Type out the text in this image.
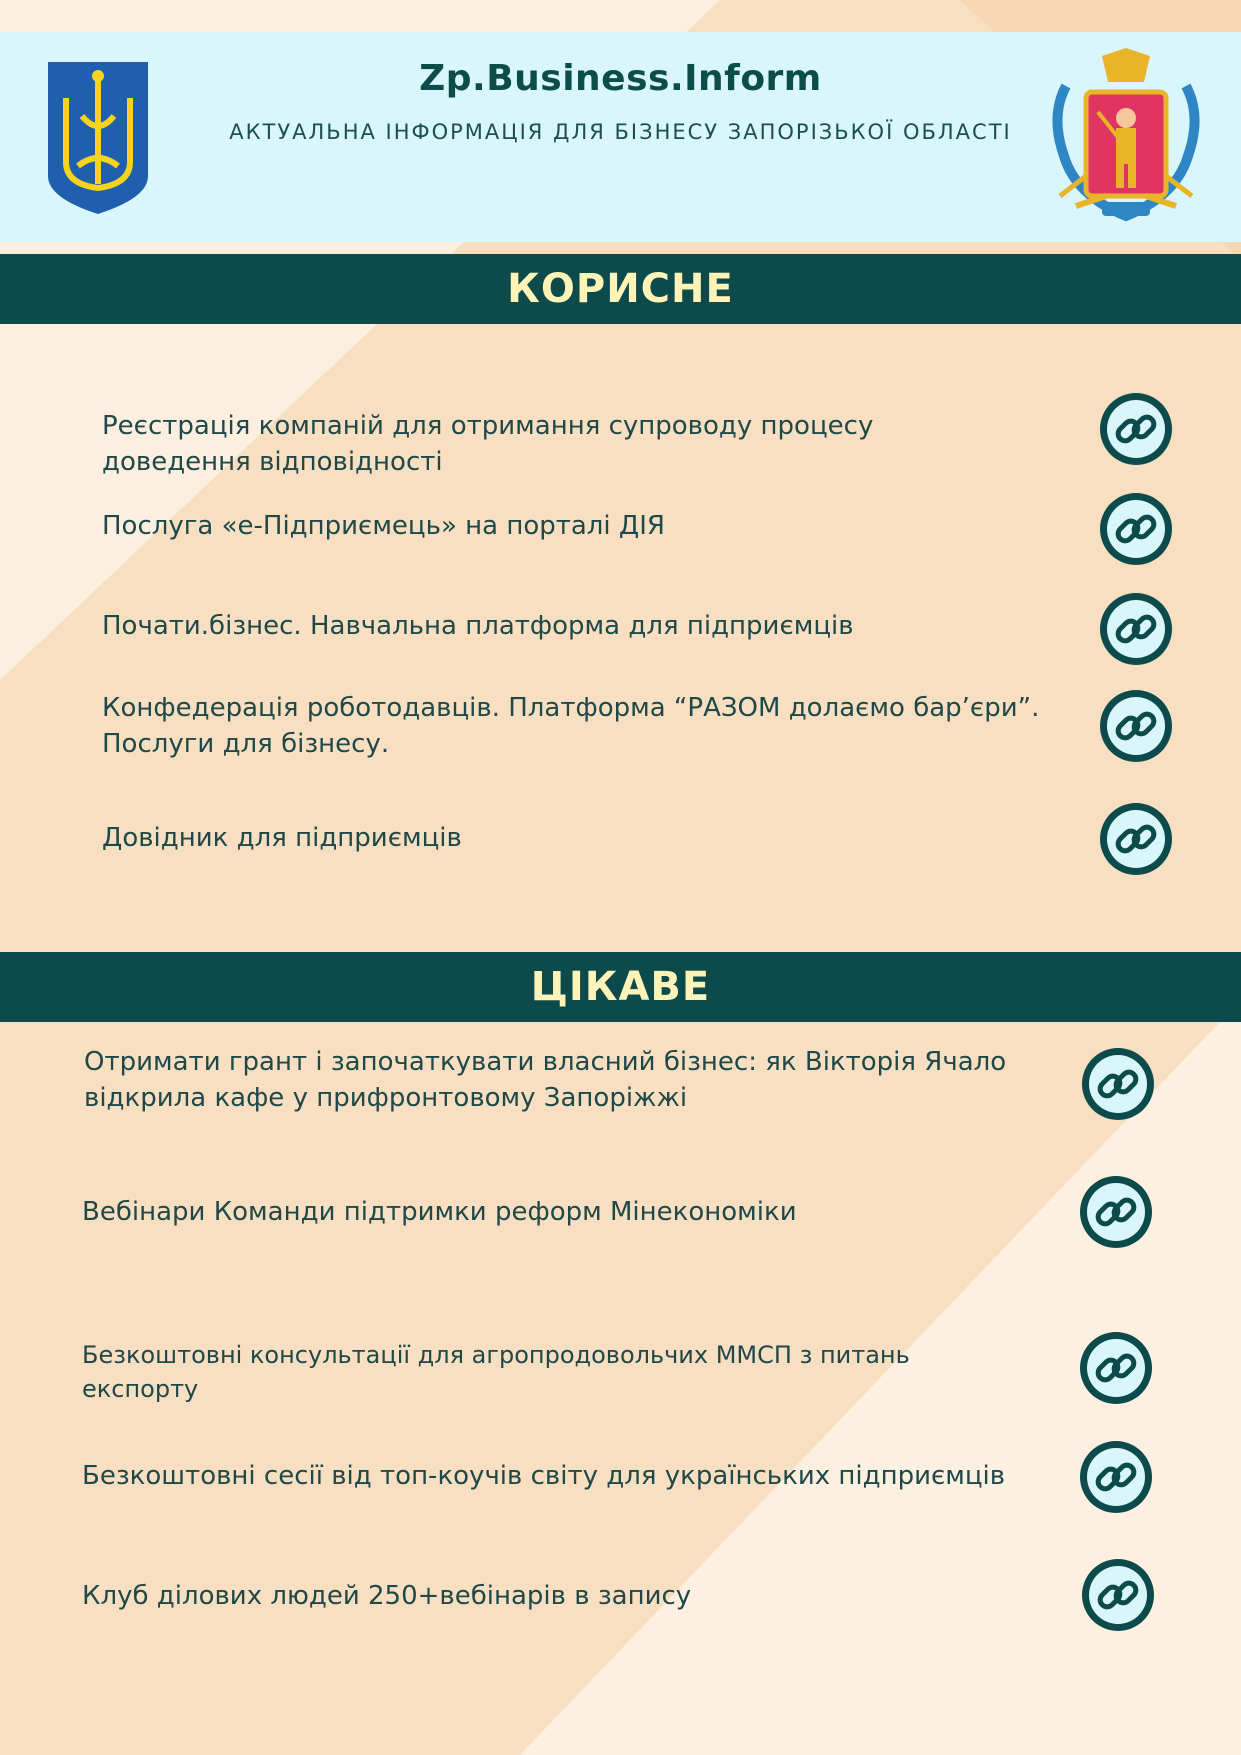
Zp.Business.Inform
АКТУАЛЬНА ІНФОРМАЦІЯ ДЛЯ БІЗНЕСУ ЗАПОРІЗЬКОЇ ОБЛАСТІ
КОРИСНЕ
Реєстрація компаній для отримання супроводу процесу доведення відповідності
Послуга «е-Підприємець» на порталі ДІЯ
Почати.бізнес. Навчальна платформа для підприємців
Конфедерація роботодавців. Платформа “РАЗОМ долаємо бар’єри”. Послуги для бізнесу.
Довідник для підприємців
ЦІКАВЕ
Отримати грант і започаткувати власний бізнес: як Вікторія Ячало відкрила кафе у прифронтовому Запоріжжі
Вебінари Команди підтримки реформ Мінекономіки
Безкоштовні консультації для агропродовольчих ММСП з питань експорту
Безкоштовні сесії від топ-коучів світу для українських підприємців
Клуб ділових людей 250+вебінарів в запису
